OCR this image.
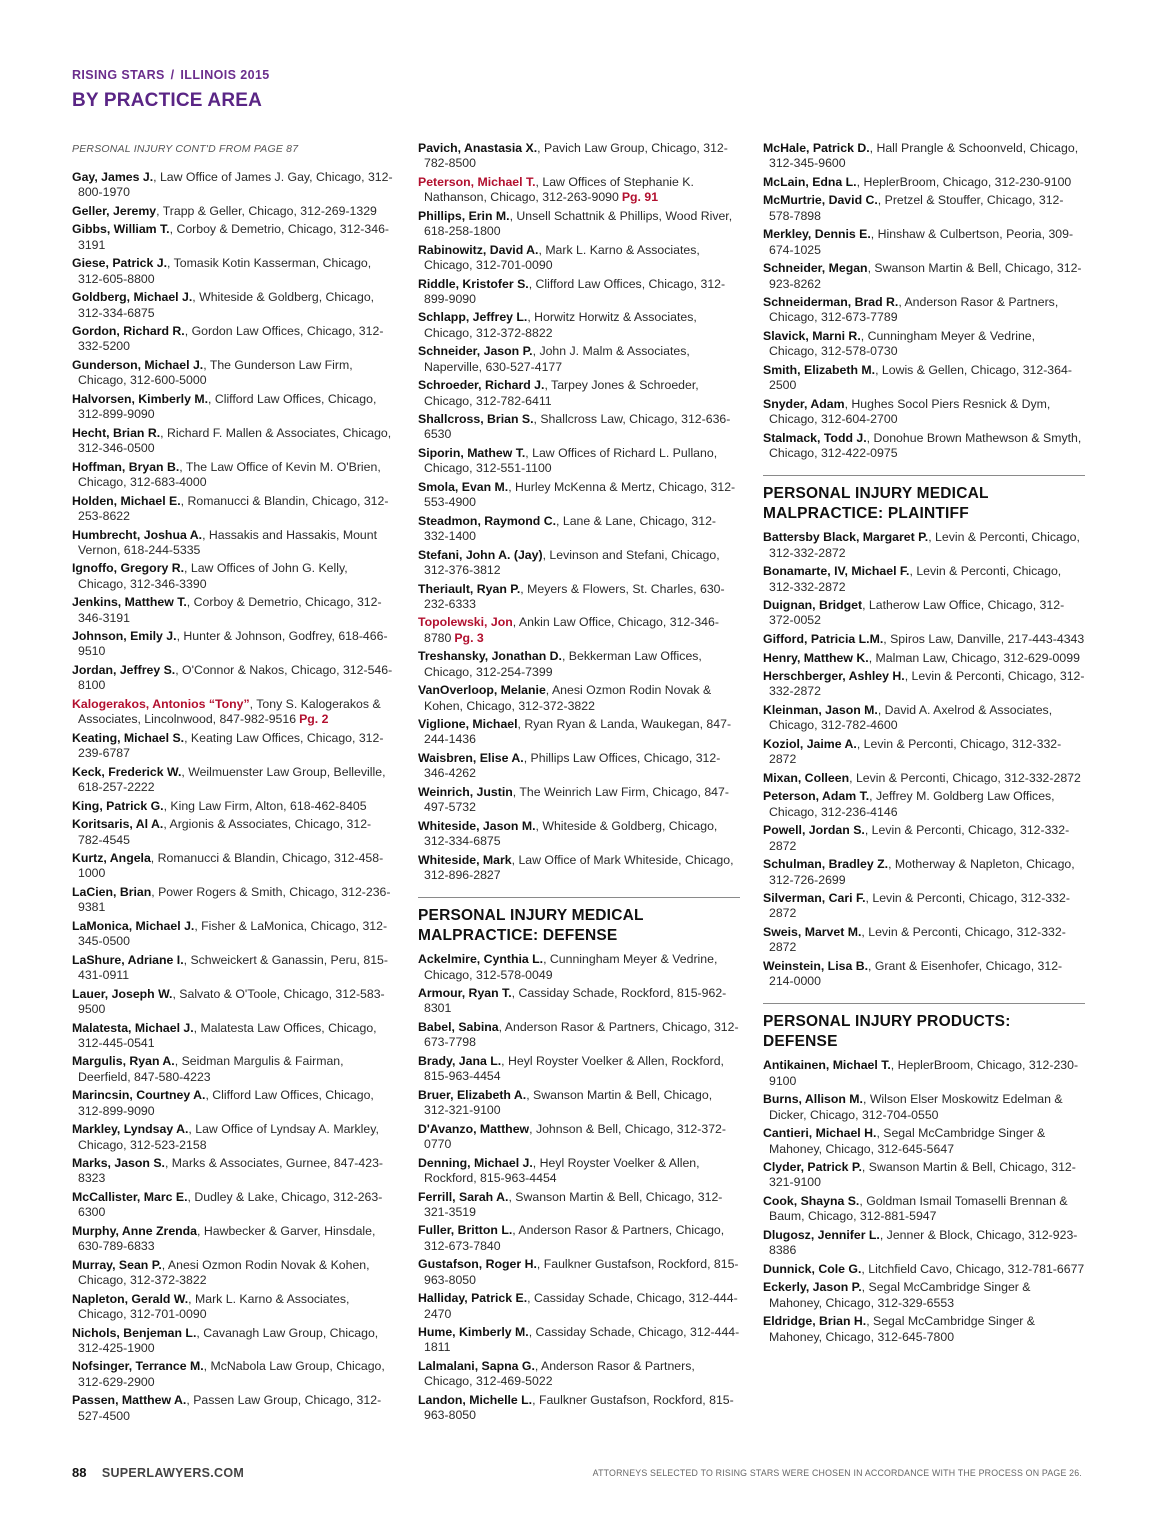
RISING STARS / ILLINOIS 2015
BY PRACTICE AREA
PERSONAL INJURY CONT'D FROM PAGE 87
Gay, James J., Law Office of James J. Gay, Chicago, 312-800-1970
Geller, Jeremy, Trapp & Geller, Chicago, 312-269-1329
Gibbs, William T., Corboy & Demetrio, Chicago, 312-346-3191
Giese, Patrick J., Tomasik Kotin Kasserman, Chicago, 312-605-8800
Goldberg, Michael J., Whiteside & Goldberg, Chicago, 312-334-6875
Gordon, Richard R., Gordon Law Offices, Chicago, 312-332-5200
Gunderson, Michael J., The Gunderson Law Firm, Chicago, 312-600-5000
Halvorsen, Kimberly M., Clifford Law Offices, Chicago, 312-899-9090
Hecht, Brian R., Richard F. Mallen & Associates, Chicago, 312-346-0500
Hoffman, Bryan B., The Law Office of Kevin M. O'Brien, Chicago, 312-683-4000
Holden, Michael E., Romanucci & Blandin, Chicago, 312-253-8622
Humbrecht, Joshua A., Hassakis and Hassakis, Mount Vernon, 618-244-5335
Ignoffo, Gregory R., Law Offices of John G. Kelly, Chicago, 312-346-3390
Jenkins, Matthew T., Corboy & Demetrio, Chicago, 312-346-3191
Johnson, Emily J., Hunter & Johnson, Godfrey, 618-466-9510
Jordan, Jeffrey S., O'Connor & Nakos, Chicago, 312-546-8100
Kalogerakos, Antonios “Tony”, Tony S. Kalogerakos & Associates, Lincolnwood, 847-982-9516 Pg. 2
Keating, Michael S., Keating Law Offices, Chicago, 312-239-6787
Keck, Frederick W., Weilmuenster Law Group, Belleville, 618-257-2222
King, Patrick G., King Law Firm, Alton, 618-462-8405
Koritsaris, Al A., Argionis & Associates, Chicago, 312-782-4545
Kurtz, Angela, Romanucci & Blandin, Chicago, 312-458-1000
LaCien, Brian, Power Rogers & Smith, Chicago, 312-236-9381
LaMonica, Michael J., Fisher & LaMonica, Chicago, 312-345-0500
LaShure, Adriane I., Schweickert & Ganassin, Peru, 815-431-0911
Lauer, Joseph W., Salvato & O'Toole, Chicago, 312-583-9500
Malatesta, Michael J., Malatesta Law Offices, Chicago, 312-445-0541
Margulis, Ryan A., Seidman Margulis & Fairman, Deerfield, 847-580-4223
Marincsin, Courtney A., Clifford Law Offices, Chicago, 312-899-9090
Markley, Lyndsay A., Law Office of Lyndsay A. Markley, Chicago, 312-523-2158
Marks, Jason S., Marks & Associates, Gurnee, 847-423-8323
McCallister, Marc E., Dudley & Lake, Chicago, 312-263-6300
Murphy, Anne Zrenda, Hawbecker & Garver, Hinsdale, 630-789-6833
Murray, Sean P., Anesi Ozmon Rodin Novak & Kohen, Chicago, 312-372-3822
Napleton, Gerald W., Mark L. Karno & Associates, Chicago, 312-701-0090
Nichols, Benjeman L., Cavanagh Law Group, Chicago, 312-425-1900
Nofsinger, Terrance M., McNabola Law Group, Chicago, 312-629-2900
Passen, Matthew A., Passen Law Group, Chicago, 312-527-4500
Pavich, Anastasia X., Pavich Law Group, Chicago, 312-782-8500
Peterson, Michael T., Law Offices of Stephanie K. Nathanson, Chicago, 312-263-9090 Pg. 91
Phillips, Erin M., Unsell Schattnik & Phillips, Wood River, 618-258-1800
Rabinowitz, David A., Mark L. Karno & Associates, Chicago, 312-701-0090
Riddle, Kristofer S., Clifford Law Offices, Chicago, 312-899-9090
Schlapp, Jeffrey L., Horwitz Horwitz & Associates, Chicago, 312-372-8822
Schneider, Jason P., John J. Malm & Associates, Naperville, 630-527-4177
Schroeder, Richard J., Tarpey Jones & Schroeder, Chicago, 312-782-6411
Shallcross, Brian S., Shallcross Law, Chicago, 312-636-6530
Siporin, Mathew T., Law Offices of Richard L. Pullano, Chicago, 312-551-1100
Smola, Evan M., Hurley McKenna & Mertz, Chicago, 312-553-4900
Steadmon, Raymond C., Lane & Lane, Chicago, 312-332-1400
Stefani, John A. (Jay), Levinson and Stefani, Chicago, 312-376-3812
Theriault, Ryan P., Meyers & Flowers, St. Charles, 630-232-6333
Topolewski, Jon, Ankin Law Office, Chicago, 312-346-8780 Pg. 3
Treshansky, Jonathan D., Bekkerman Law Offices, Chicago, 312-254-7399
VanOverloop, Melanie, Anesi Ozmon Rodin Novak & Kohen, Chicago, 312-372-3822
Viglione, Michael, Ryan Ryan & Landa, Waukegan, 847-244-1436
Waisbren, Elise A., Phillips Law Offices, Chicago, 312-346-4262
Weinrich, Justin, The Weinrich Law Firm, Chicago, 847-497-5732
Whiteside, Jason M., Whiteside & Goldberg, Chicago, 312-334-6875
Whiteside, Mark, Law Office of Mark Whiteside, Chicago, 312-896-2827
PERSONAL INJURY MEDICAL MALPRACTICE: DEFENSE
Ackelmire, Cynthia L., Cunningham Meyer & Vedrine, Chicago, 312-578-0049
Armour, Ryan T., Cassiday Schade, Rockford, 815-962-8301
Babel, Sabina, Anderson Rasor & Partners, Chicago, 312-673-7798
Brady, Jana L., Heyl Royster Voelker & Allen, Rockford, 815-963-4454
Bruer, Elizabeth A., Swanson Martin & Bell, Chicago, 312-321-9100
D'Avanzo, Matthew, Johnson & Bell, Chicago, 312-372-0770
Denning, Michael J., Heyl Royster Voelker & Allen, Rockford, 815-963-4454
Ferrill, Sarah A., Swanson Martin & Bell, Chicago, 312-321-3519
Fuller, Britton L., Anderson Rasor & Partners, Chicago, 312-673-7840
Gustafson, Roger H., Faulkner Gustafson, Rockford, 815-963-8050
Halliday, Patrick E., Cassiday Schade, Chicago, 312-444-2470
Hume, Kimberly M., Cassiday Schade, Chicago, 312-444-1811
Lalmalani, Sapna G., Anderson Rasor & Partners, Chicago, 312-469-5022
Landon, Michelle L., Faulkner Gustafson, Rockford, 815-963-8050
McHale, Patrick D., Hall Prangle & Schoonveld, Chicago, 312-345-9600
McLain, Edna L., HeplerBroom, Chicago, 312-230-9100
McMurtrie, David C., Pretzel & Stouffer, Chicago, 312-578-7898
Merkley, Dennis E., Hinshaw & Culbertson, Peoria, 309-674-1025
Schneider, Megan, Swanson Martin & Bell, Chicago, 312-923-8262
Schneiderman, Brad R., Anderson Rasor & Partners, Chicago, 312-673-7789
Slavick, Marni R., Cunningham Meyer & Vedrine, Chicago, 312-578-0730
Smith, Elizabeth M., Lowis & Gellen, Chicago, 312-364-2500
Snyder, Adam, Hughes Socol Piers Resnick & Dym, Chicago, 312-604-2700
Stalmack, Todd J., Donohue Brown Mathewson & Smyth, Chicago, 312-422-0975
PERSONAL INJURY MEDICAL MALPRACTICE: PLAINTIFF
Battersby Black, Margaret P., Levin & Perconti, Chicago, 312-332-2872
Bonamarte, IV, Michael F., Levin & Perconti, Chicago, 312-332-2872
Duignan, Bridget, Latherow Law Office, Chicago, 312-372-0052
Gifford, Patricia L.M., Spiros Law, Danville, 217-443-4343
Henry, Matthew K., Malman Law, Chicago, 312-629-0099
Herschberger, Ashley H., Levin & Perconti, Chicago, 312-332-2872
Kleinman, Jason M., David A. Axelrod & Associates, Chicago, 312-782-4600
Koziol, Jaime A., Levin & Perconti, Chicago, 312-332-2872
Mixan, Colleen, Levin & Perconti, Chicago, 312-332-2872
Peterson, Adam T., Jeffrey M. Goldberg Law Offices, Chicago, 312-236-4146
Powell, Jordan S., Levin & Perconti, Chicago, 312-332-2872
Schulman, Bradley Z., Motherway & Napleton, Chicago, 312-726-2699
Silverman, Cari F., Levin & Perconti, Chicago, 312-332-2872
Sweis, Marvet M., Levin & Perconti, Chicago, 312-332-2872
Weinstein, Lisa B., Grant & Eisenhofer, Chicago, 312-214-0000
PERSONAL INJURY PRODUCTS: DEFENSE
Antikainen, Michael T., HeplerBroom, Chicago, 312-230-9100
Burns, Allison M., Wilson Elser Moskowitz Edelman & Dicker, Chicago, 312-704-0550
Cantieri, Michael H., Segal McCambridge Singer & Mahoney, Chicago, 312-645-5647
Clyder, Patrick P., Swanson Martin & Bell, Chicago, 312-321-9100
Cook, Shayna S., Goldman Ismail Tomaselli Brennan & Baum, Chicago, 312-881-5947
Dlugosz, Jennifer L., Jenner & Block, Chicago, 312-923-8386
Dunnick, Cole G., Litchfield Cavo, Chicago, 312-781-6677
Eckerly, Jason P., Segal McCambridge Singer & Mahoney, Chicago, 312-329-6553
Eldridge, Brian H., Segal McCambridge Singer & Mahoney, Chicago, 312-645-7800
88 SUPERLAWYERS.COM	ATTORNEYS SELECTED TO RISING STARS WERE CHOSEN IN ACCORDANCE WITH THE PROCESS ON PAGE 26.
